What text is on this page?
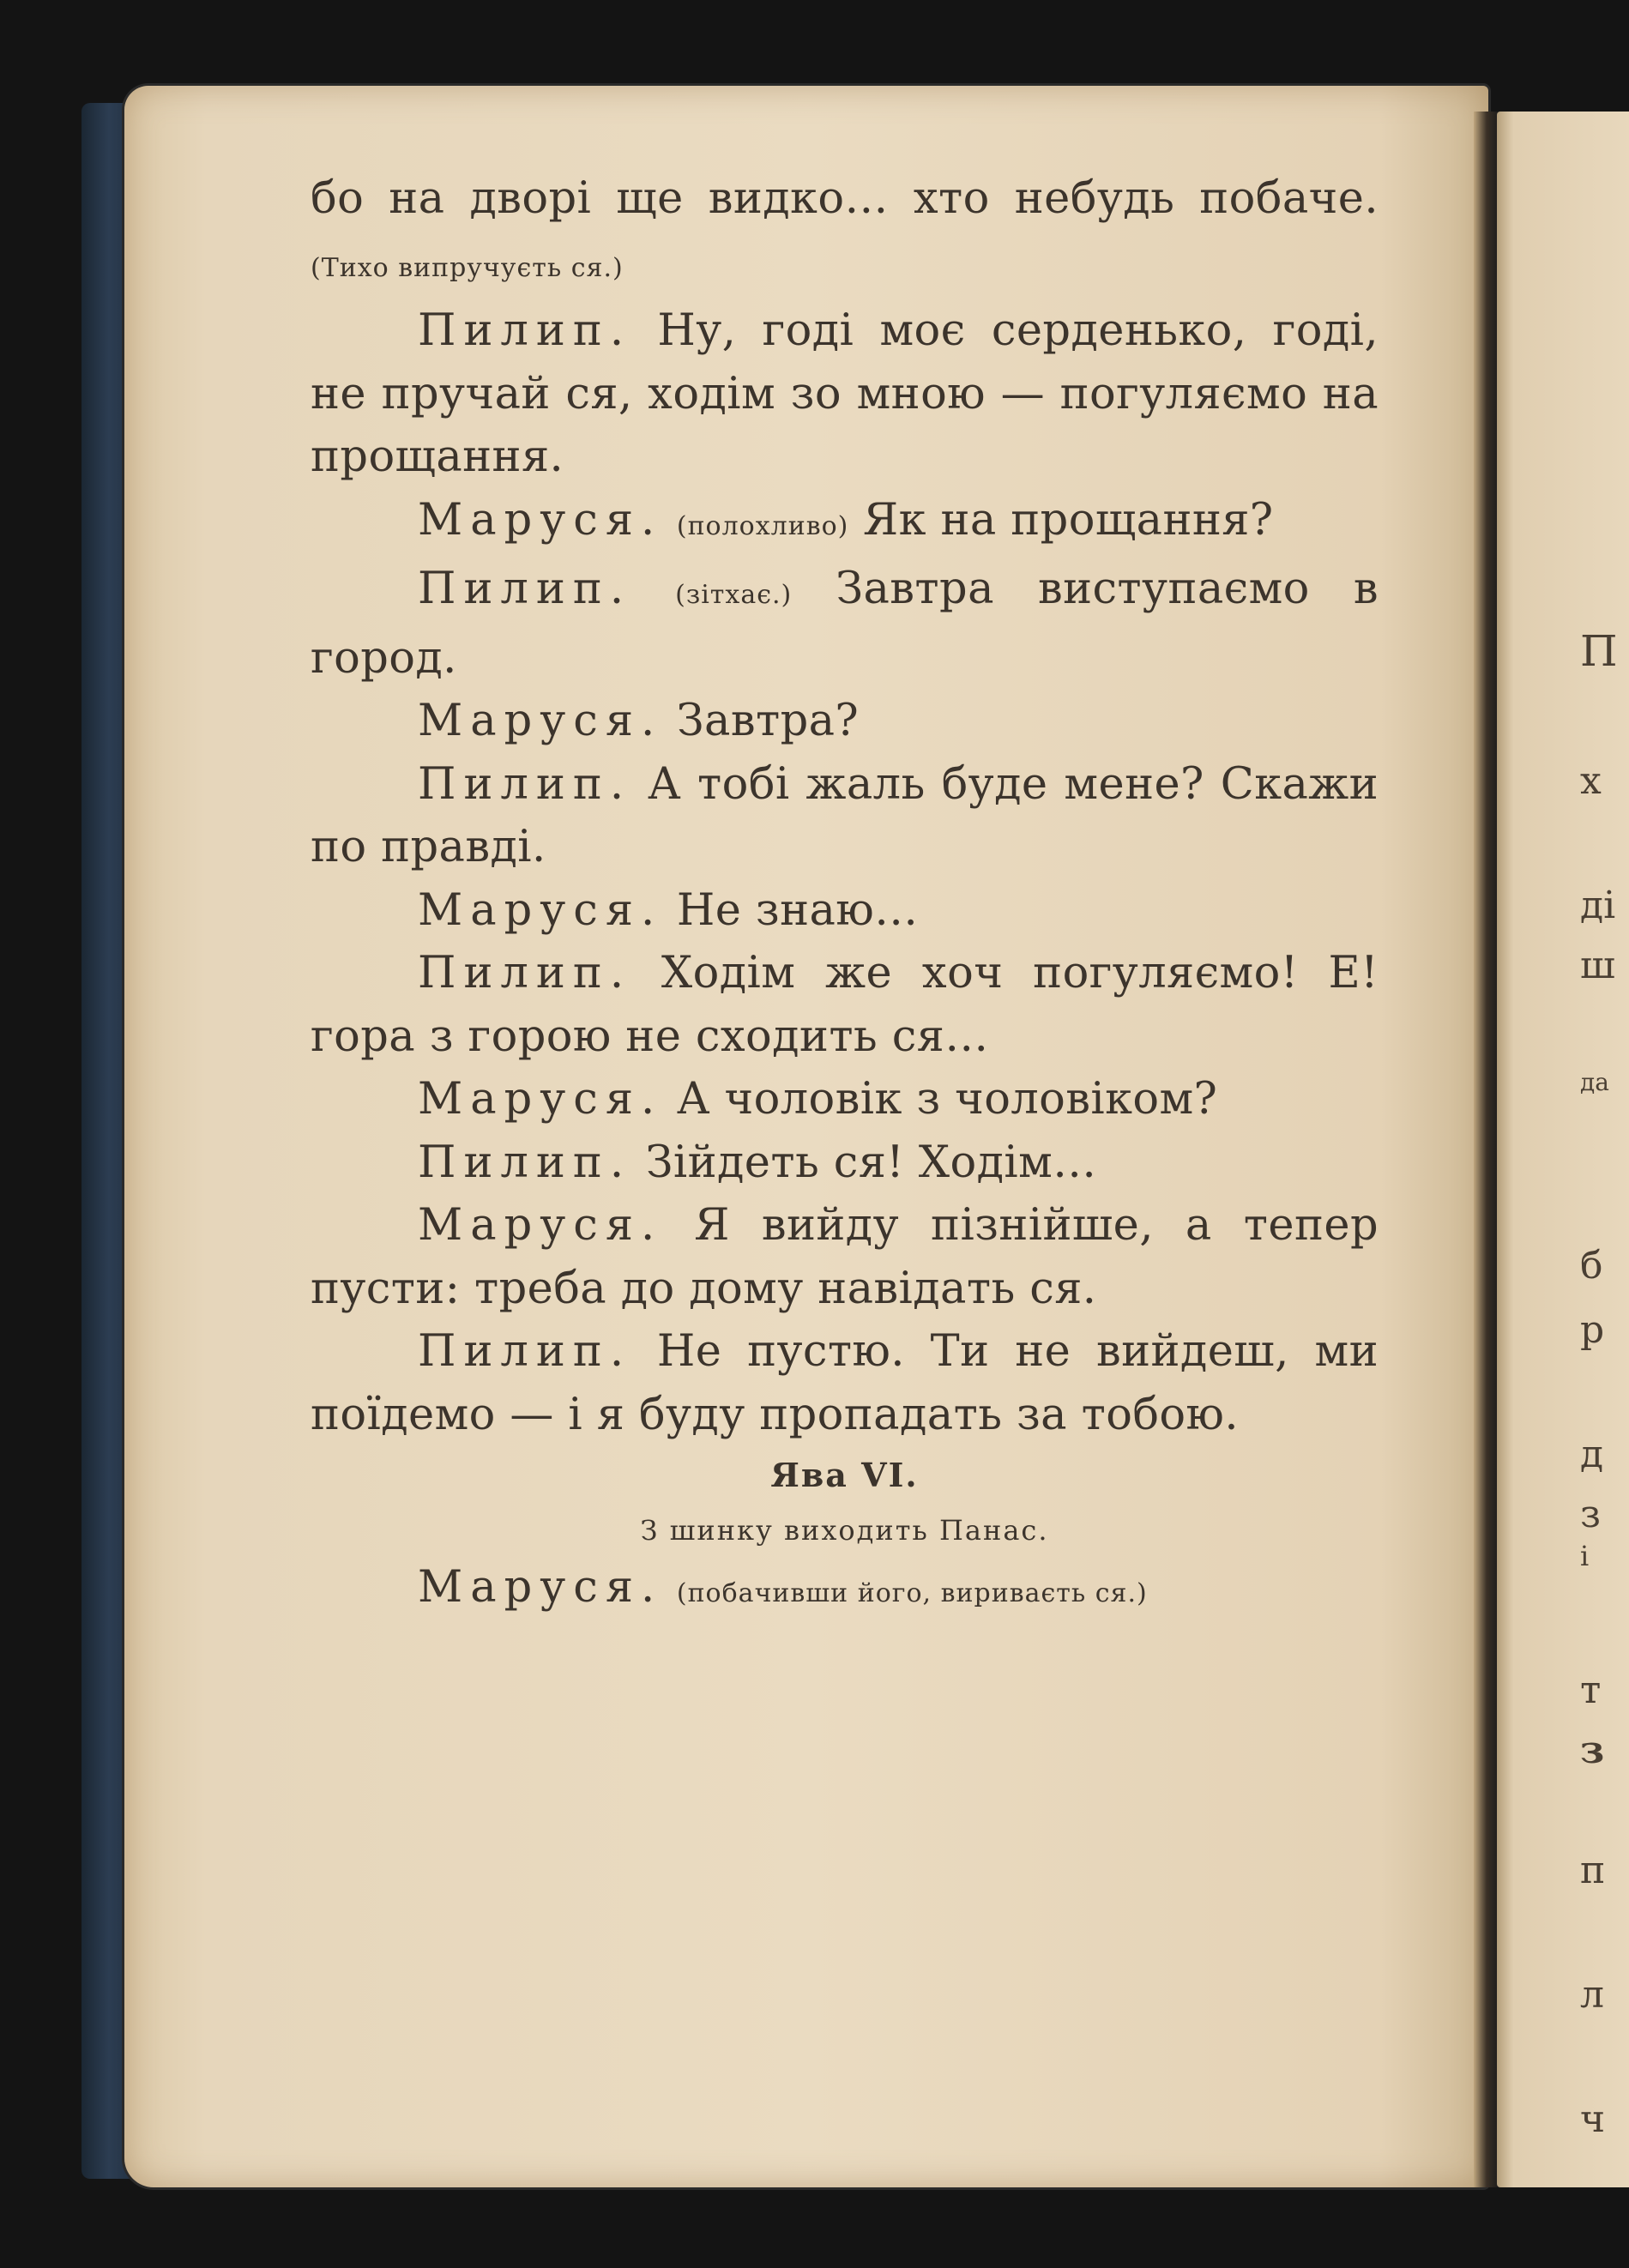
П
х
ді
ш
да
б
р
д
з
і
т
з
п
л
ч

бо на дворі ще видко… хто небудь побаче. (Тихо випручуєть ся.)

Пилип. Ну, годі моє серденько, годі, не пручай ся, ходім зо мною — погуляємо на прощання.

Маруся. (полохливо) Як на прощання?

Пилип. (зітхає.) Завтра виступаємо в город.

Маруся. Завтра?

Пилип. А тобі жаль буде мене? Скажи по правді.

Маруся. Не знаю…

Пилип. Ходім же хоч погуляємо! Е! гора з горою не сходить ся…

Маруся. А чоловік з чоловіком?

Пилип. Зійдеть ся! Ходім…

Маруся. Я вийду пізнійше, а тепер пусти: треба до дому навідать ся.

Пилип. Не пустю. Ти не вийдеш, ми поїдемо — і я буду пропадать за тобою.

Ява VI.

З шинку виходить Панас.

Маруся. (побачивши його, вириваєть ся.)
